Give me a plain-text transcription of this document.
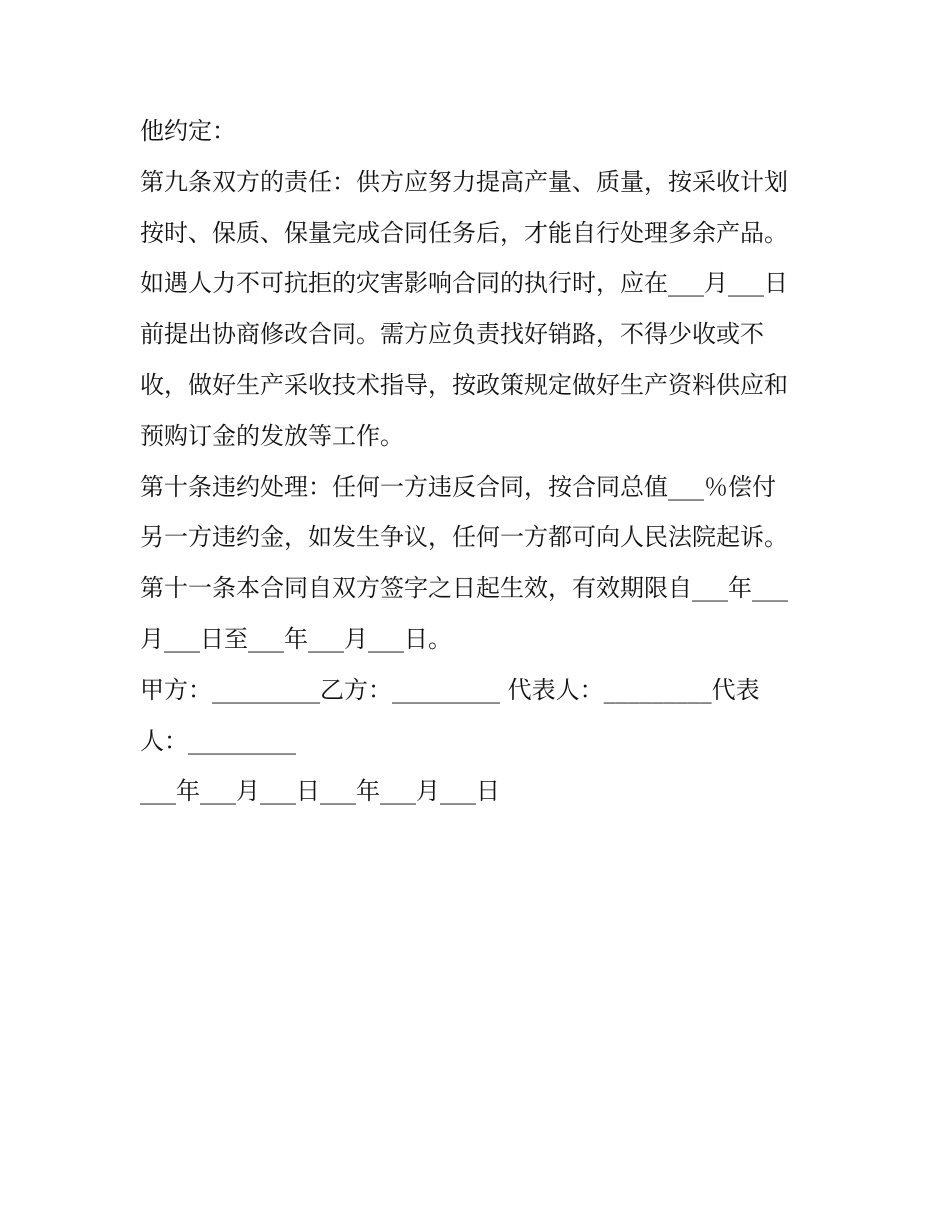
他约定：
第九条双方的责任：供方应努力提高产量、质量，按采收计划
按时、保质、保量完成合同任务后，才能自行处理多余产品。
如遇人力不可抗拒的灾害影响合同的执行时，应在___月___日
前提出协商修改合同。需方应负责找好销路，不得少收或不
收，做好生产采收技术指导，按政策规定做好生产资料供应和
预购订金的发放等工作。
第十条违约处理：任何一方违反合同，按合同总值___％偿付
另一方违约金，如发生争议，任何一方都可向人民法院起诉。
第十一条本合同自双方签字之日起生效，有效期限自___年___
月___日至___年___月___日。
甲方：_________乙方：_________ 代表人：_________代表
人：_________
___年___月___日___年___月___日
